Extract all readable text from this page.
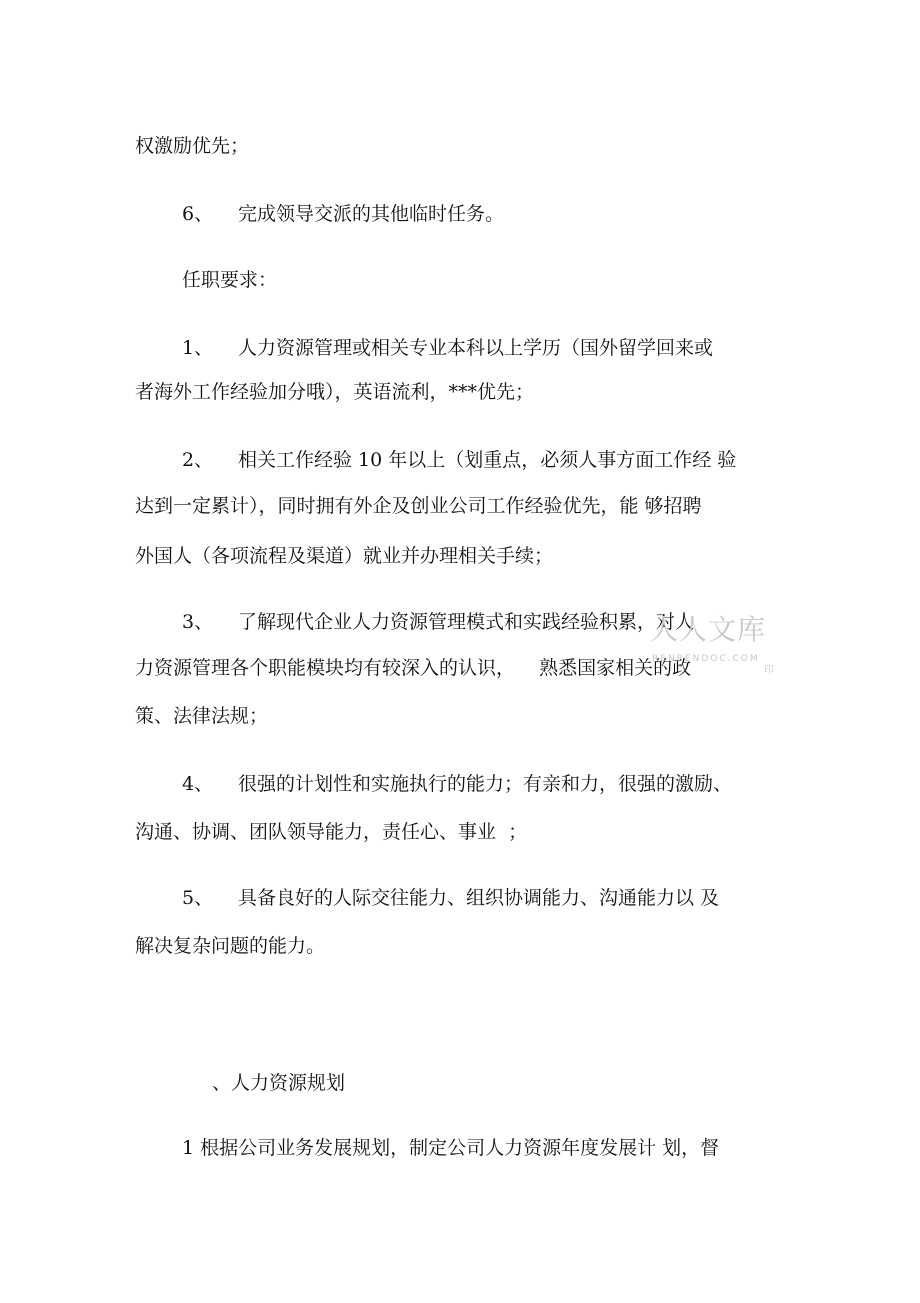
权激励优先；
6、 完成领导交派的其他临时任务。
任职要求：
1、 人力资源管理或相关专业本科以上学历（国外留学回来或
者海外工作经验加分哦），英语流利，***优先；
2、 相关工作经验 10 年以上（划重点，必须人事方面工作经 验
达到一定累计），同时拥有外企及创业公司工作经验优先，能 够招聘
外国人（各项流程及渠道）就业并办理相关手续；
3、 了解现代企业人力资源管理模式和实践经验积累，对人
力资源管理各个职能模块均有较深入的认识，    熟悉国家相关的政
策、法律法规；
4、 很强的计划性和实施执行的能力；有亲和力，很强的激励、
沟通、协调、团队领导能力，责任心、事业  ；
5、 具备良好的人际交往能力、组织协调能力、沟通能力以 及
解决复杂问题的能力。
、人力资源规划
1 根据公司业务发展规划，制定公司人力资源年度发展计 划，督
人人文库
RENRENDOC.COM
印
